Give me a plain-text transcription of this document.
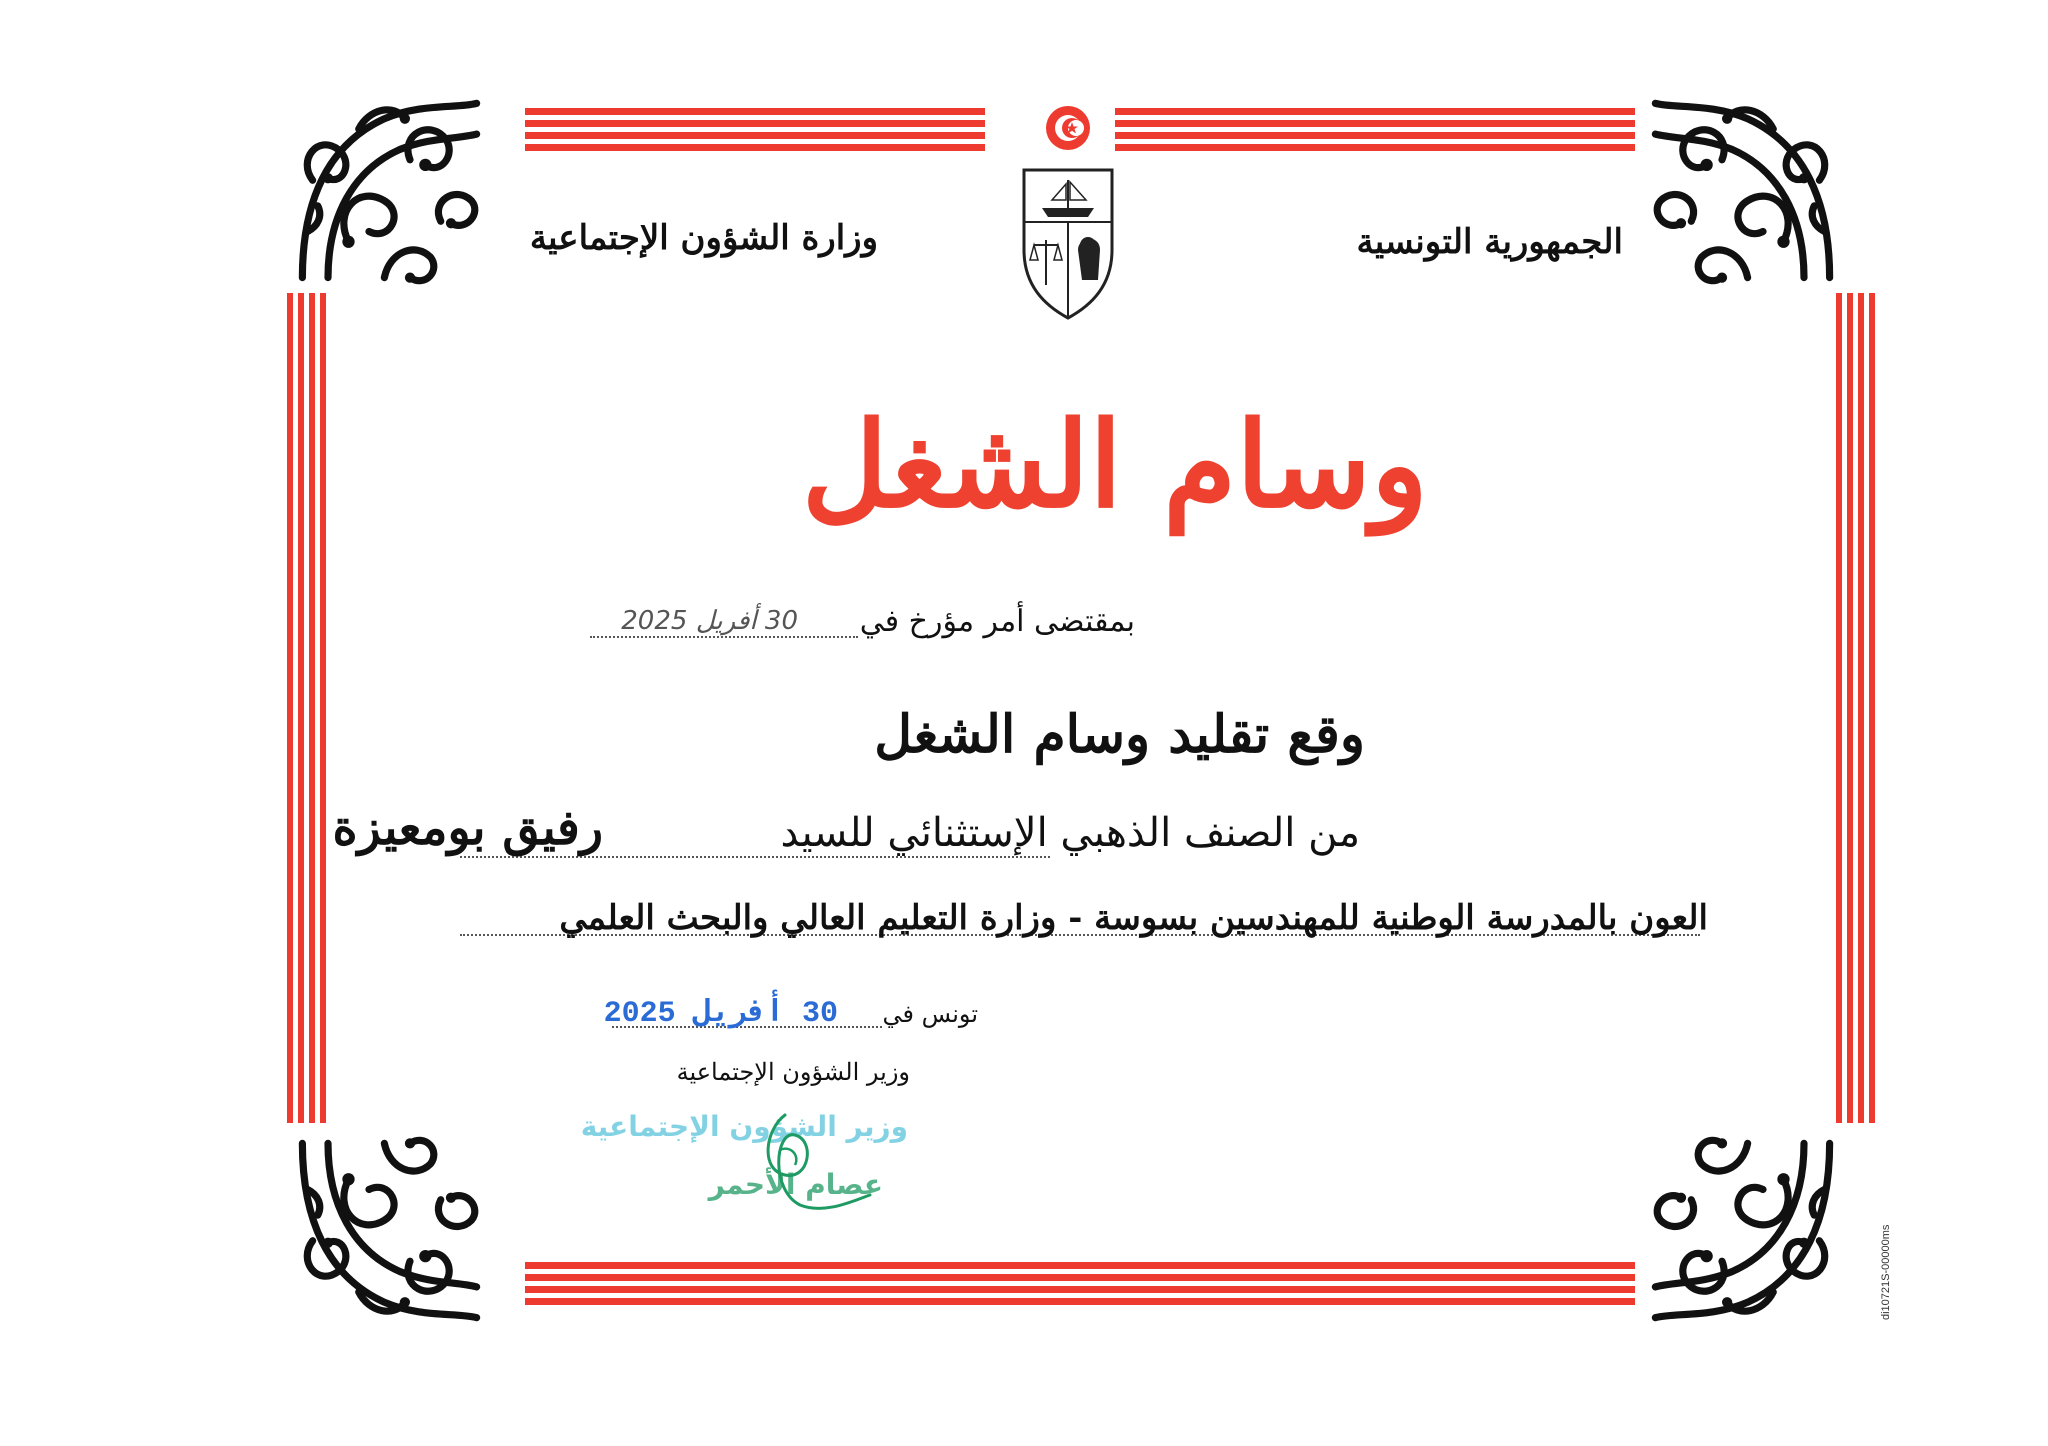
الجمهورية التونسية
وزارة الشؤون الإجتماعية
وسام الشغل
بمقتضى أمر مؤرخ في
30 أفريل 2025
وقع تقليد وسام الشغل
من الصنف الذهبي الإستثنائي للسيد
رفيق بومعيزة
العون بالمدرسة الوطنية للمهندسين بسوسة - وزارة التعليم العالي والبحث العلمي
تونس في
30 أفريل 2025
وزير الشؤون الإجتماعية
وزير الشؤون الإجتماعية
عصام الأحمر
di10721S-00000ms
